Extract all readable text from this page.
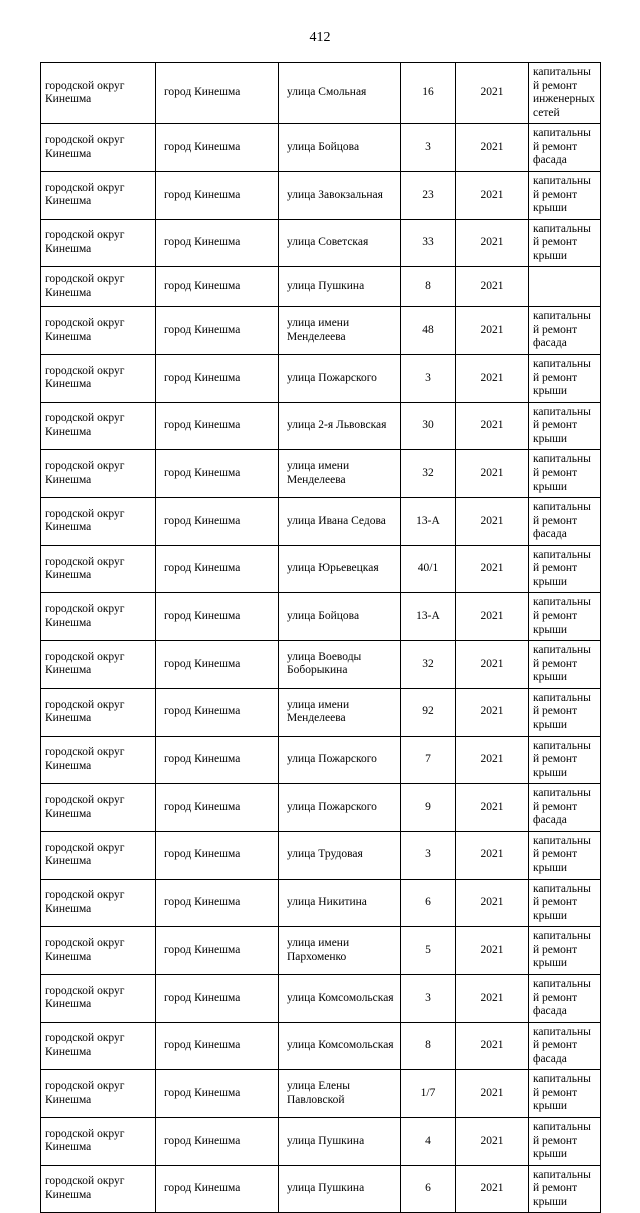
412
городской округ Кинешма	город Кинешма	улица Смольная	16	2021	капитальный ремонт инженерных сетей
городской округ Кинешма	город Кинешма	улица Бойцова	3	2021	капитальный ремонт фасада
городской округ Кинешма	город Кинешма	улица Завокзальная	23	2021	капитальный ремонт крыши
городской округ Кинешма	город Кинешма	улица Советская	33	2021	капитальный ремонт крыши
городской округ Кинешма	город Кинешма	улица Пушкина	8	2021	
городской округ Кинешма	город Кинешма	улица имени Менделеева	48	2021	капитальный ремонт фасада
городской округ Кинешма	город Кинешма	улица Пожарского	3	2021	капитальный ремонт крыши
городской округ Кинешма	город Кинешма	улица 2-я Львовская	30	2021	капитальный ремонт крыши
городской округ Кинешма	город Кинешма	улица имени Менделеева	32	2021	капитальный ремонт крыши
городской округ Кинешма	город Кинешма	улица Ивана Седова	13-А	2021	капитальный ремонт фасада
городской округ Кинешма	город Кинешма	улица Юрьевецкая	40/1	2021	капитальный ремонт крыши
городской округ Кинешма	город Кинешма	улица Бойцова	13-А	2021	капитальный ремонт крыши
городской округ Кинешма	город Кинешма	улица Воеводы Боборыкина	32	2021	капитальный ремонт крыши
городской округ Кинешма	город Кинешма	улица имени Менделеева	92	2021	капитальный ремонт крыши
городской округ Кинешма	город Кинешма	улица Пожарского	7	2021	капитальный ремонт крыши
городской округ Кинешма	город Кинешма	улица Пожарского	9	2021	капитальный ремонт фасада
городской округ Кинешма	город Кинешма	улица Трудовая	3	2021	капитальный ремонт крыши
городской округ Кинешма	город Кинешма	улица Никитина	6	2021	капитальный ремонт крыши
городской округ Кинешма	город Кинешма	улица имени Пархоменко	5	2021	капитальный ремонт крыши
городской округ Кинешма	город Кинешма	улица Комсомольская	3	2021	капитальный ремонт фасада
городской округ Кинешма	город Кинешма	улица Комсомольская	8	2021	капитальный ремонт фасада
городской округ Кинешма	город Кинешма	улица Елены Павловской	1/7	2021	капитальный ремонт крыши
городской округ Кинешма	город Кинешма	улица Пушкина	4	2021	капитальный ремонт крыши
городской округ Кинешма	город Кинешма	улица Пушкина	6	2021	капитальный ремонт крыши
